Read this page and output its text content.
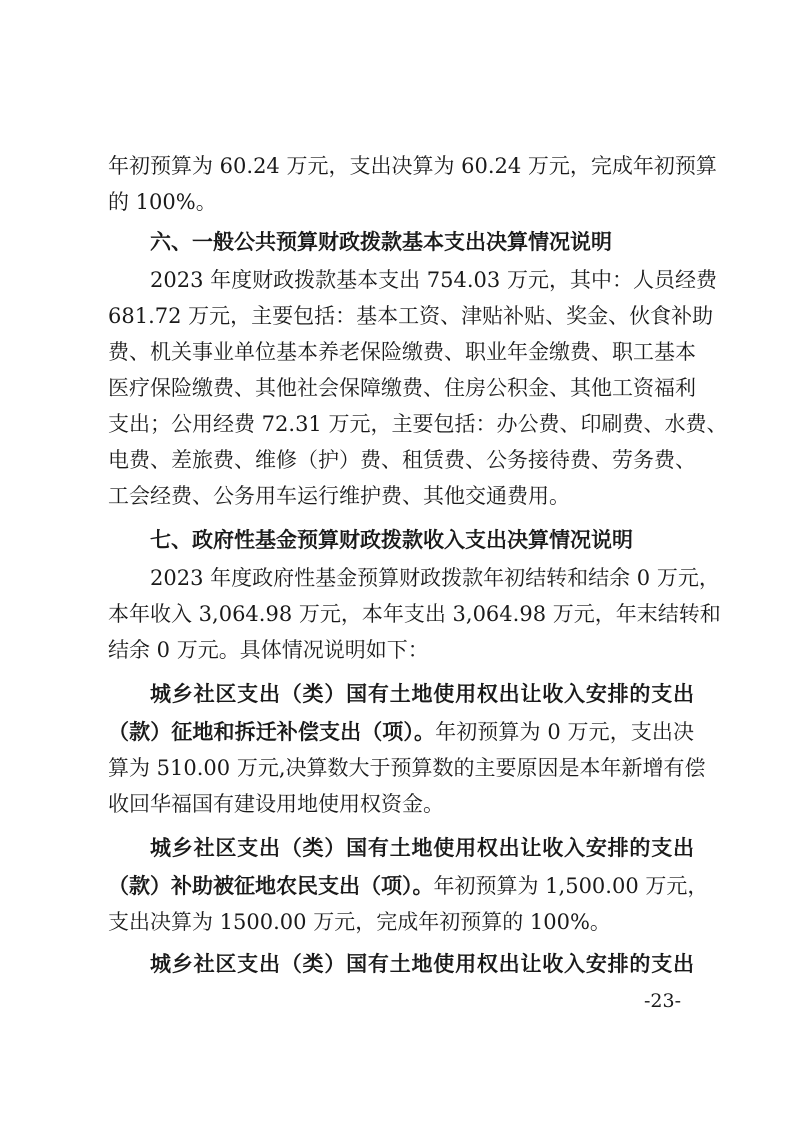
年初预算为 60.24 万元，支出决算为 60.24 万元，完成年初预算
的 100%。
六、一般公共预算财政拨款基本支出决算情况说明
2023 年度财政拨款基本支出 754.03 万元，其中：人员经费
681.72 万元，主要包括：基本工资、津贴补贴、奖金、伙食补助
费、机关事业单位基本养老保险缴费、职业年金缴费、职工基本
医疗保险缴费、其他社会保障缴费、住房公积金、其他工资福利
支出；公用经费 72.31 万元，主要包括：办公费、印刷费、水费、
电费、差旅费、维修（护）费、租赁费、公务接待费、劳务费、
工会经费、公务用车运行维护费、其他交通费用。
七、政府性基金预算财政拨款收入支出决算情况说明
2023 年度政府性基金预算财政拨款年初结转和结余 0 万元，
本年收入 3,064.98 万元，本年支出 3,064.98 万元，年末结转和
结余 0 万元。具体情况说明如下：
城乡社区支出（类）国有土地使用权出让收入安排的支出
（款）征地和拆迁补偿支出（项）。年初预算为 0 万元，支出决
算为 510.00 万元,决算数大于预算数的主要原因是本年新增有偿
收回华福国有建设用地使用权资金。
城乡社区支出（类）国有土地使用权出让收入安排的支出
（款）补助被征地农民支出（项）。年初预算为 1,500.00 万元，
支出决算为 1500.00 万元，完成年初预算的 100%。
城乡社区支出（类）国有土地使用权出让收入安排的支出
-23-
